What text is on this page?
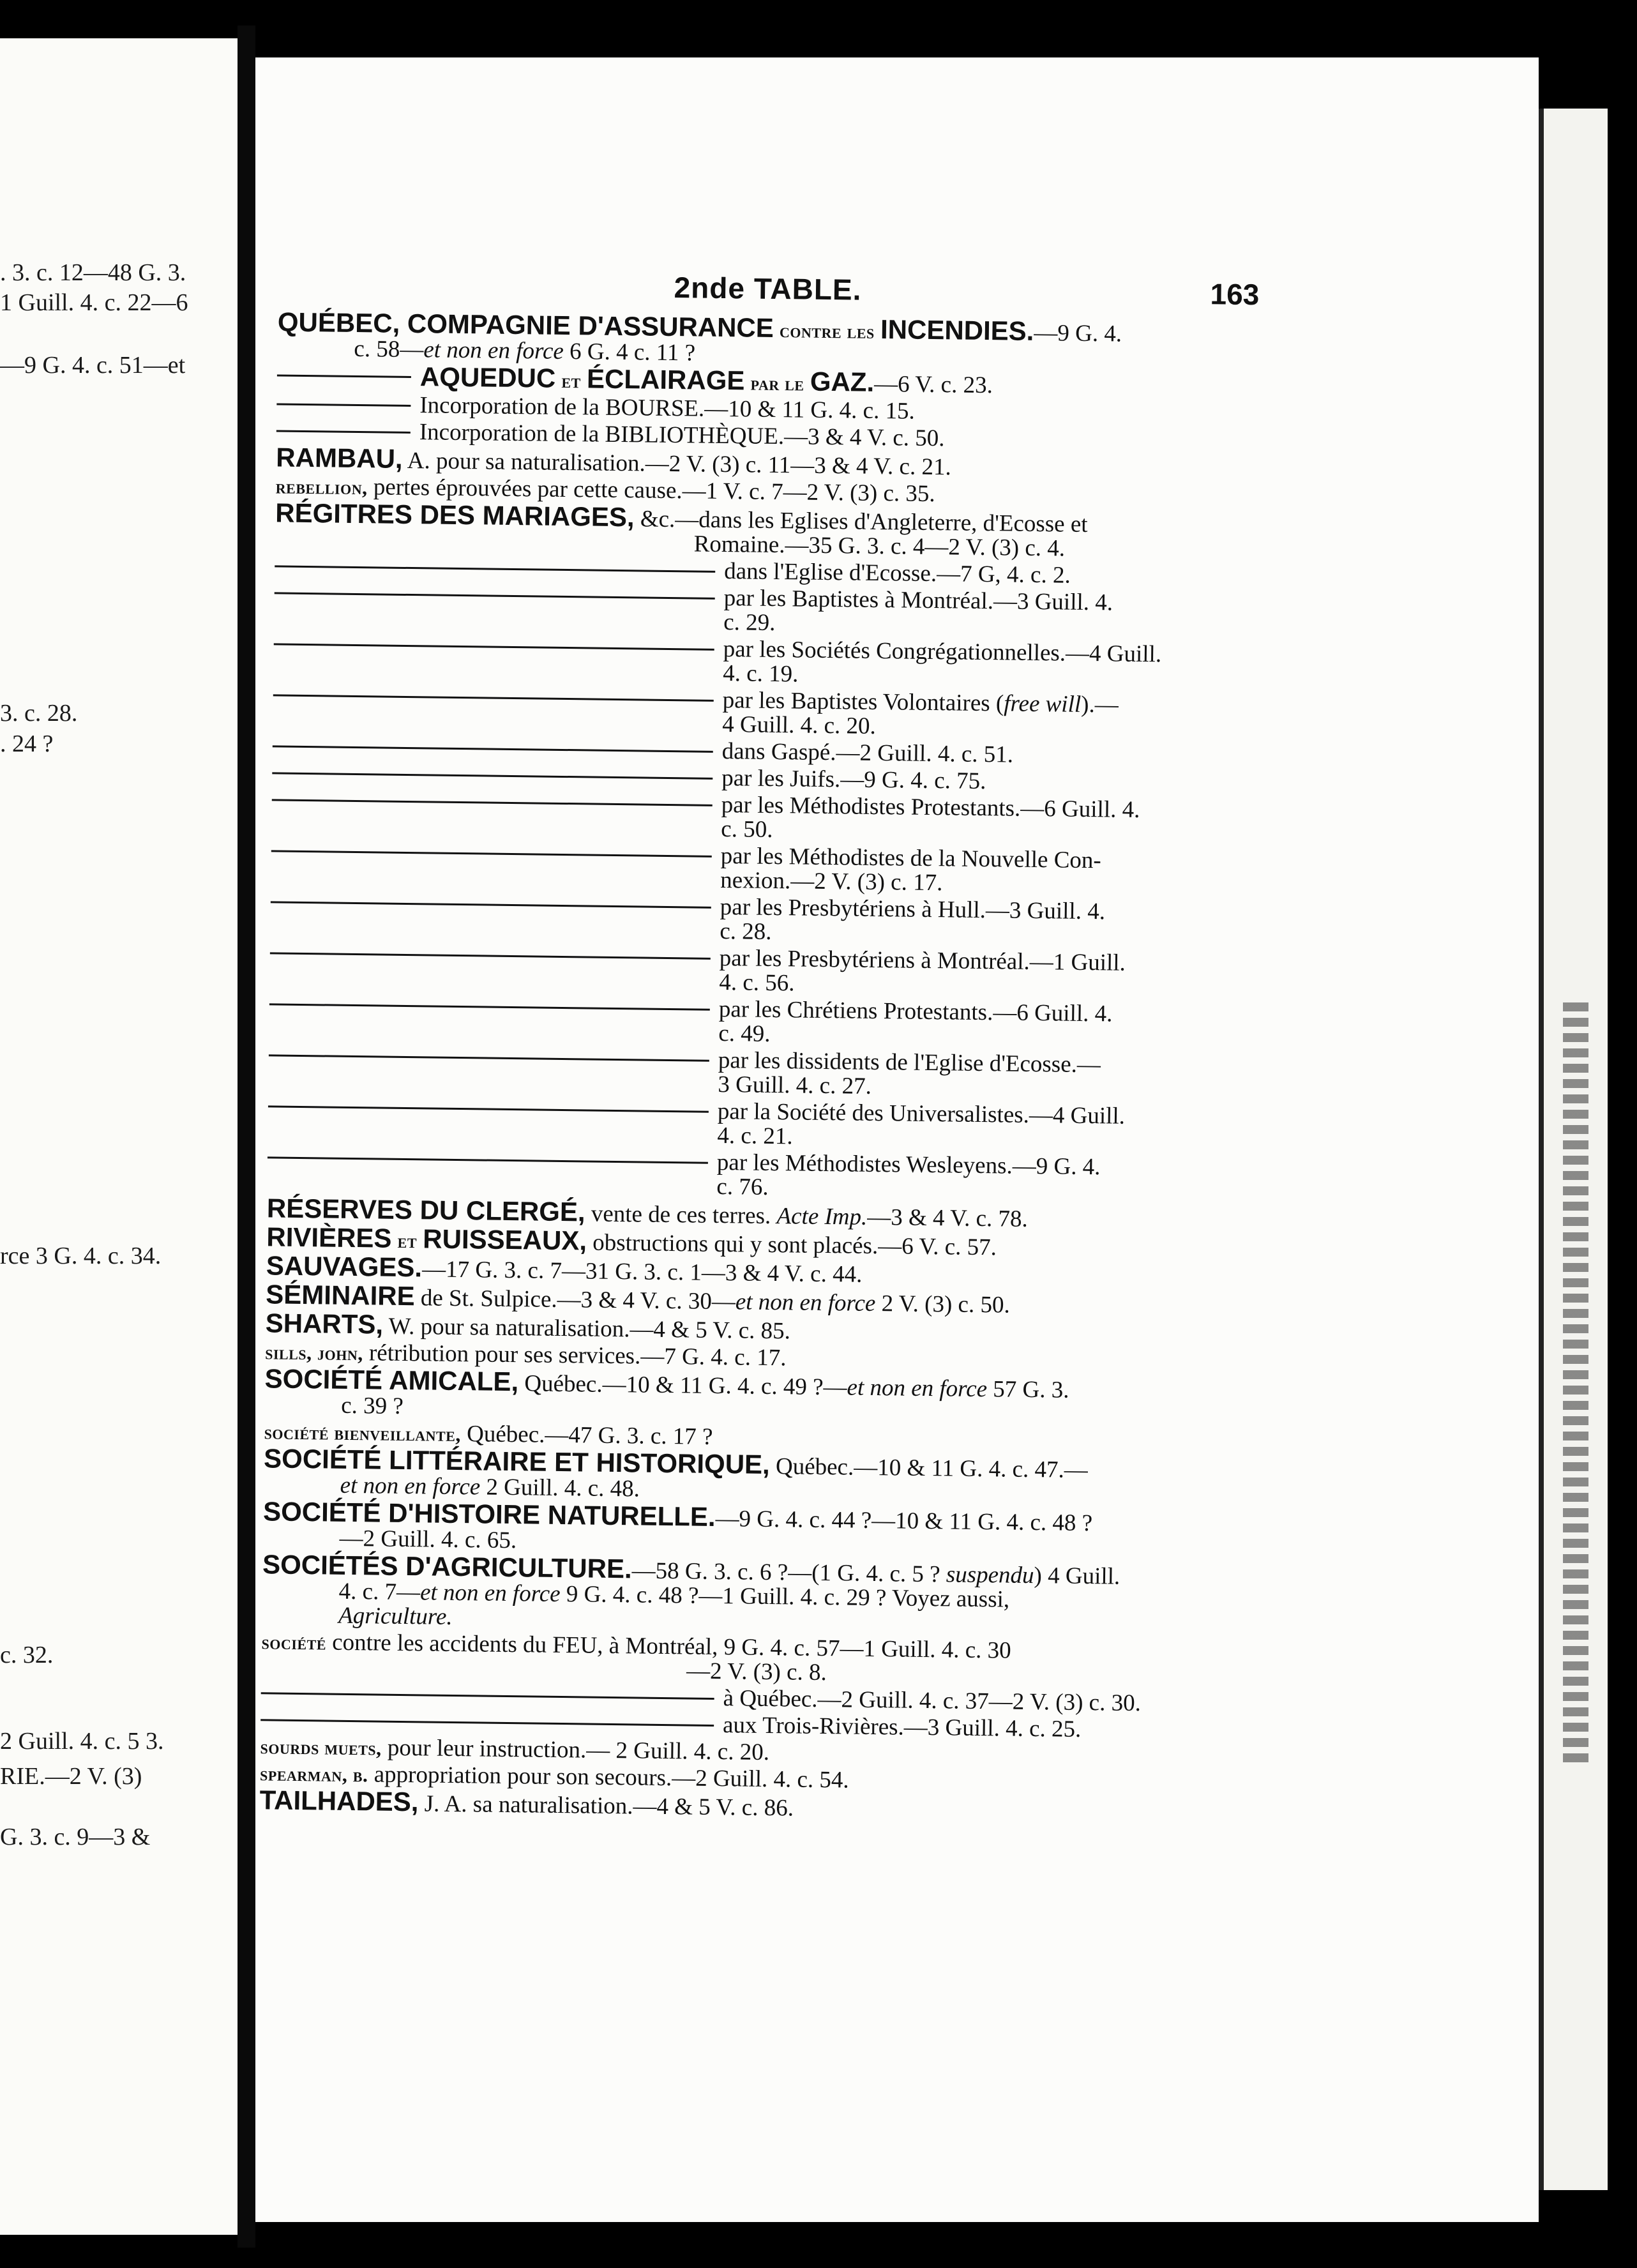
. 3. c. 12—48 G. 3.
1 Guill. 4. c. 22—6
—9 G. 4. c. 51—et
3. c. 28.
. 24 ?
rce 3 G. 4. c. 34.
c. 32.
2 Guill. 4. c. 5 3.
RIE.—2 V. (3)
G. 3. c. 9—3 &
2nde TABLE.	163
QUÉBEC, COMPAGNIE D'ASSURANCE contre les INCENDIES.—9 G. 4.
c. 58—et non en force 6 G. 4 c. 11 ?
AQUEDUC et ÉCLAIRAGE par le GAZ.—6 V. c. 23.
Incorporation de la BOURSE.—10 & 11 G. 4. c. 15.
Incorporation de la BIBLIOTHÈQUE.—3 & 4 V. c. 50.
RAMBAU, A. pour sa naturalisation.—2 V. (3) c. 11—3 & 4 V. c. 21.
rebellion, pertes éprouvées par cette cause.—1 V. c. 7—2 V. (3) c. 35.
RÉGITRES DES MARIAGES, &c.—dans les Eglises d'Angleterre, d'Ecosse et
Romaine.—35 G. 3. c. 4—2 V. (3) c. 4.
dans l'Eglise d'Ecosse.—7 G, 4. c. 2.
par les Baptistes à Montréal.—3 Guill. 4.
c. 29.
par les Sociétés Congrégationnelles.—4 Guill.
4. c. 19.
par les Baptistes Volontaires (free will).—
4 Guill. 4. c. 20.
dans Gaspé.—2 Guill. 4. c. 51.
par les Juifs.—9 G. 4. c. 75.
par les Méthodistes Protestants.—6 Guill. 4.
c. 50.
par les Méthodistes de la Nouvelle Con-
nexion.—2 V. (3) c. 17.
par les Presbytériens à Hull.—3 Guill. 4.
c. 28.
par les Presbytériens à Montréal.—1 Guill.
4. c. 56.
par les Chrétiens Protestants.—6 Guill. 4.
c. 49.
par les dissidents de l'Eglise d'Ecosse.—
3 Guill. 4. c. 27.
par la Société des Universalistes.—4 Guill.
4. c. 21.
par les Méthodistes Wesleyens.—9 G. 4.
c. 76.
RÉSERVES DU CLERGÉ, vente de ces terres. Acte Imp.—3 & 4 V. c. 78.
RIVIÈRES et RUISSEAUX, obstructions qui y sont placés.—6 V. c. 57.
SAUVAGES.—17 G. 3. c. 7—31 G. 3. c. 1—3 & 4 V. c. 44.
SÉMINAIRE de St. Sulpice.—3 & 4 V. c. 30—et non en force 2 V. (3) c. 50.
SHARTS, W. pour sa naturalisation.—4 & 5 V. c. 85.
sills, john, rétribution pour ses services.—7 G. 4. c. 17.
SOCIÉTÉ AMICALE, Québec.—10 & 11 G. 4. c. 49 ?—et non en force 57 G. 3.
c. 39 ?
société bienveillante, Québec.—47 G. 3. c. 17 ?
SOCIÉTÉ LITTÉRAIRE ET HISTORIQUE, Québec.—10 & 11 G. 4. c. 47.—
et non en force 2 Guill. 4. c. 48.
SOCIÉTÉ D'HISTOIRE NATURELLE.—9 G. 4. c. 44 ?—10 & 11 G. 4. c. 48 ?
—2 Guill. 4. c. 65.
SOCIÉTÉS D'AGRICULTURE.—58 G. 3. c. 6 ?—(1 G. 4. c. 5 ? suspendu) 4 Guill.
4. c. 7—et non en force 9 G. 4. c. 48 ?—1 Guill. 4. c. 29 ? Voyez aussi,
Agriculture.
société contre les accidents du FEU, à Montréal, 9 G. 4. c. 57—1 Guill. 4. c. 30
—2 V. (3) c. 8.
à Québec.—2 Guill. 4. c. 37—2 V. (3) c. 30.
aux Trois-Rivières.—3 Guill. 4. c. 25.
sourds muets, pour leur instruction.— 2 Guill. 4. c. 20.
spearman, b. appropriation pour son secours.—2 Guill. 4. c. 54.
TAILHADES, J. A. sa naturalisation.—4 & 5 V. c. 86.
